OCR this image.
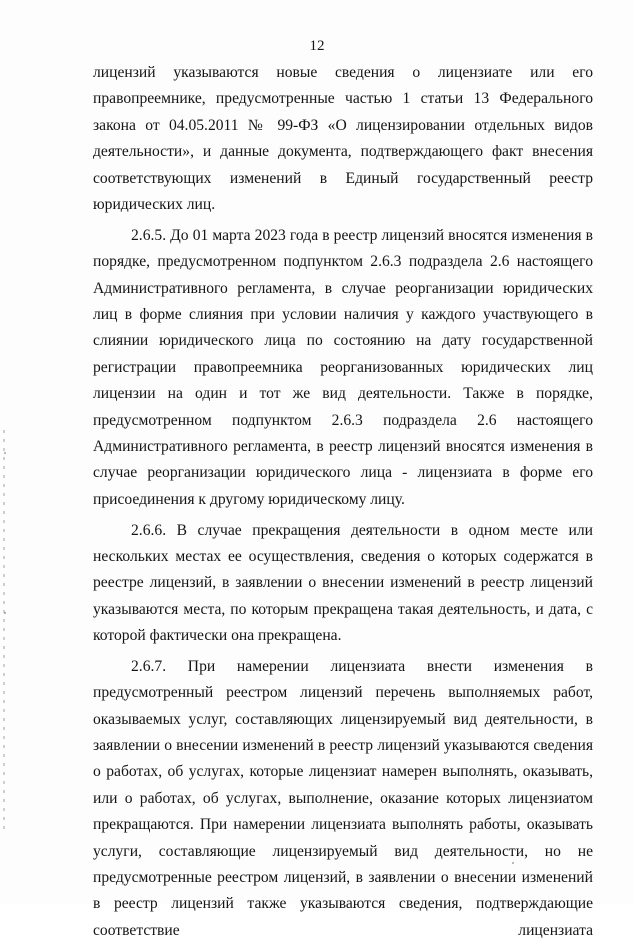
12

лицензий указываются новые сведения о лицензиате или его правопреемнике, предусмотренные частью 1 статьи 13 Федерального закона от 04.05.2011 № 99-ФЗ «О лицензировании отдельных видов деятельности», и данные документа, подтверждающего факт внесения соответствующих изменений в Единый государственный реестр юридических лиц.

2.6.5. До 01 марта 2023 года в реестр лицензий вносятся изменения в порядке, предусмотренном подпунктом 2.6.3 подраздела 2.6 настоящего Административного регламента, в случае реорганизации юридических лиц в форме слияния при условии наличия у каждого участвующего в слиянии юридического лица по состоянию на дату государственной регистрации правопреемника реорганизованных юридических лиц лицензии на один и тот же вид деятельности. Также в порядке, предусмотренном подпунктом 2.6.3 подраздела 2.6 настоящего Административного регламента, в реестр лицензий вносятся изменения в случае реорганизации юридического лица - лицензиата в форме его присоединения к другому юридическому лицу.

2.6.6. В случае прекращения деятельности в одном месте или нескольких местах ее осуществления, сведения о которых содержатся в реестре лицензий, в заявлении о внесении изменений в реестр лицензий указываются места, по которым прекращена такая деятельность, и дата, с которой фактически она прекращена.

2.6.7. При намерении лицензиата внести изменения в предусмотренный реестром лицензий перечень выполняемых работ, оказываемых услуг, составляющих лицензируемый вид деятельности, в заявлении о внесении изменений в реестр лицензий указываются сведения о работах, об услугах, которые лицензиат намерен выполнять, оказывать, или о работах, об услугах, выполнение, оказание которых лицензиатом прекращаются. При намерении лицензиата выполнять работы, оказывать услуги, составляющие лицензируемый вид деятельности, но не предусмотренные реестром лицензий, в заявлении о внесении изменений в реестр лицензий также указываются сведения, подтверждающие соответствие лицензиата
